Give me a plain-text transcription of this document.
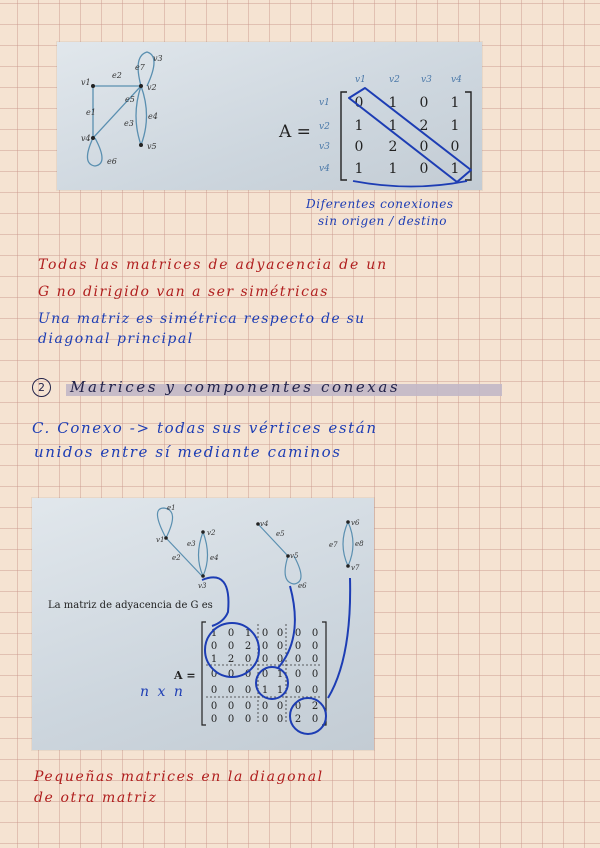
v1
v2
v3
v4
v5
e1
e2
e3
e4
e5
e6
e7
v1	v2 v3 v4
v1
v2
v3
v4
A =
0 1 0 1
1 1 2 1
0 2 0 0
1 1 0 1
Diferentes conexiones
sin origen / destino
Todas las matrices de adyacencia de un
G no dirigido van a ser simétricas
Una matriz es simétrica respecto de su
diagonal principal
2	Matrices y componentes conexas
C. Conexo -> todas sus vértices están
unidos entre sí mediante caminos
v1
v2
v3
v4
v5
v6
v7
e1
e2
e3
e4
e5
e6
e7 e8
La matriz de adyacencia de G es
A =
1 0 1 0 0 0 0
0 0 2 0 0 0 0
1 2 0 0 0 0 0
0 0 0 0 1 0 0
0 0 0 1 1 0 0
0 0 0 0 0 0 2
0 0 0 0 0 2 0
n x n
Pequeñas matrices en la diagonal
de otra matriz
